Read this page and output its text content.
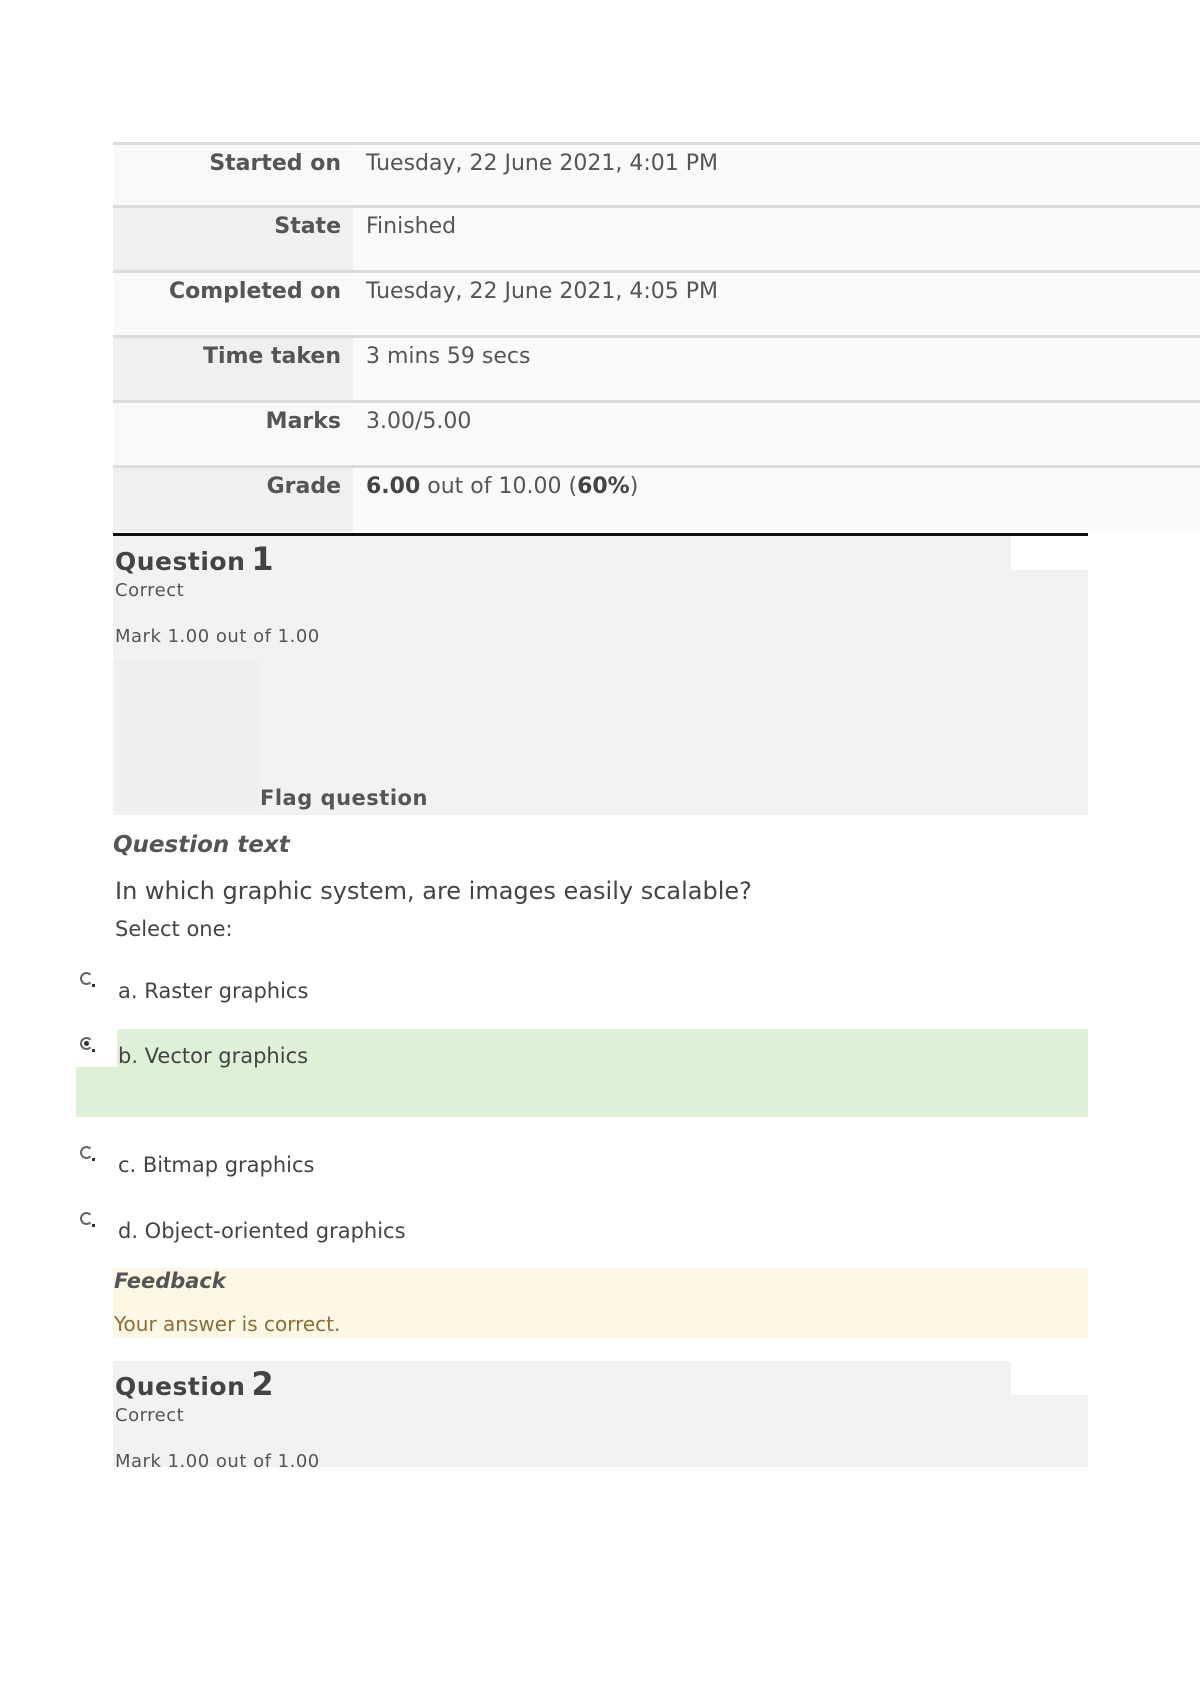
Started on	Tuesday, 22 June 2021, 4:01 PM
State	Finished
Completed on	Tuesday, 22 June 2021, 4:05 PM
Time taken	3 mins 59 secs
Marks	3.00/5.00
Grade	6.00 out of 10.00 (60%)
Question 1
Correct
Mark 1.00 out of 1.00
Flag question
Question text
In which graphic system, are images easily scalable?
Select one:
a. Raster graphics
b. Vector graphics
c. Bitmap graphics
d. Object-oriented graphics
Feedback
Your answer is correct.
Question 2
Correct
Mark 1.00 out of 1.00
